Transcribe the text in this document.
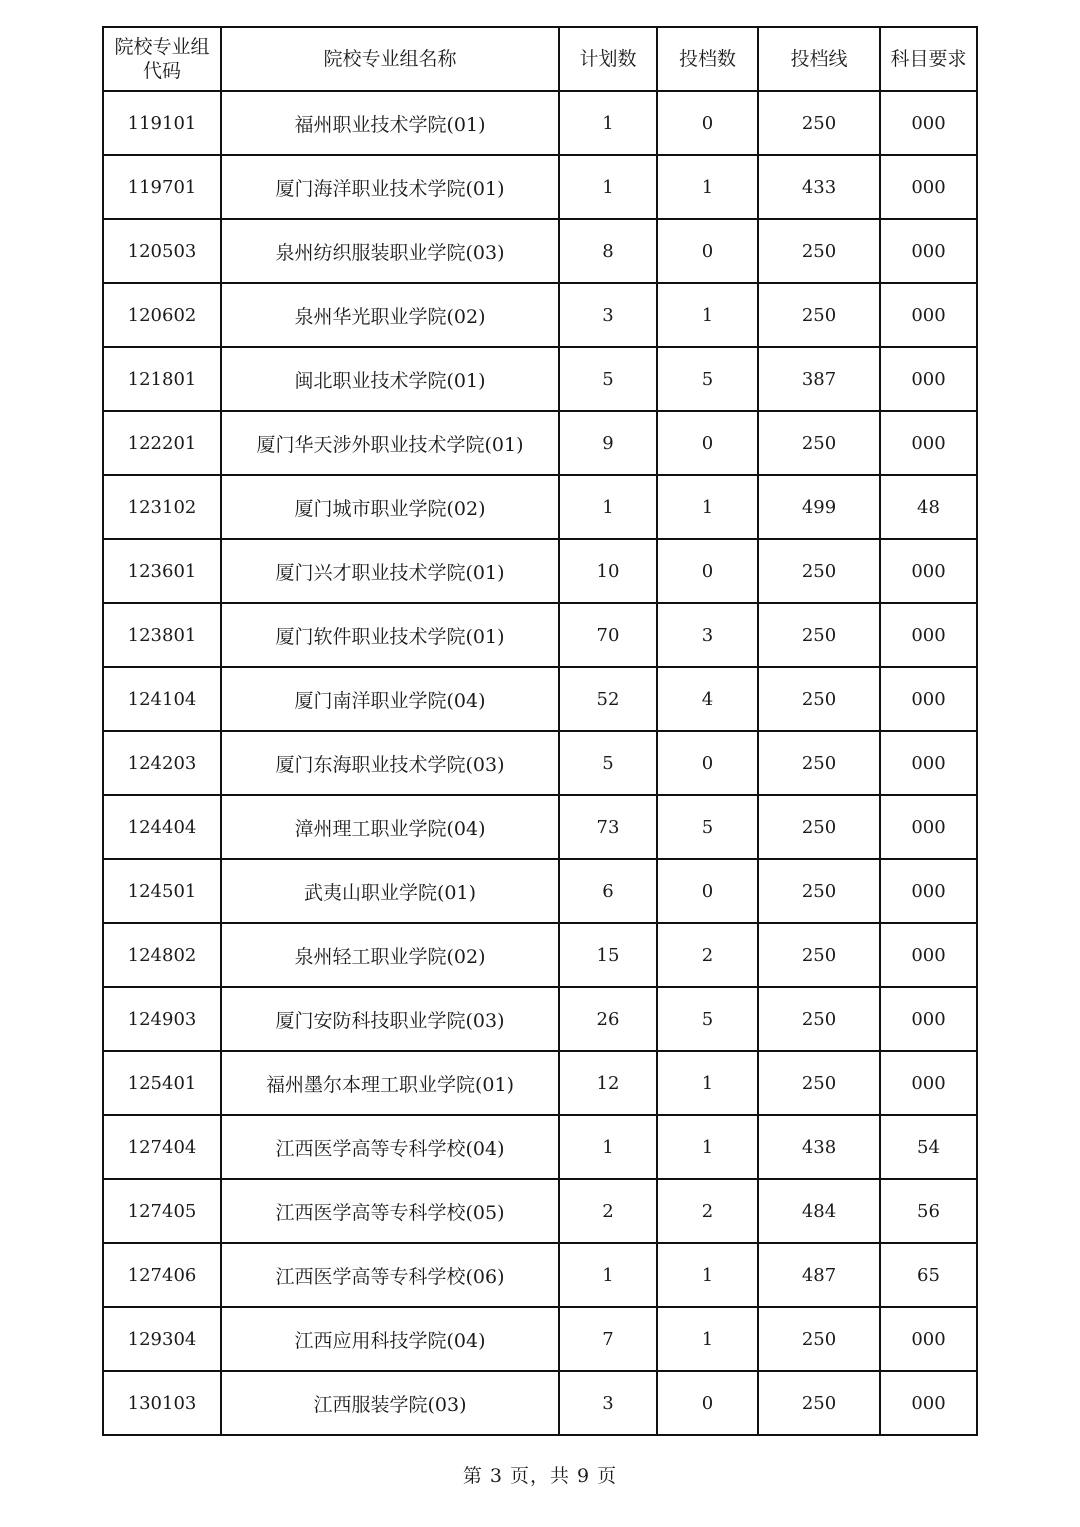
院校专业组
代码	院校专业组名称	计划数	投档数	投档线	科目要求
119101	福州职业技术学院(01)	1	0	250	000
119701	厦门海洋职业技术学院(01)	1	1	433	000
120503	泉州纺织服装职业学院(03)	8	0	250	000
120602	泉州华光职业学院(02)	3	1	250	000
121801	闽北职业技术学院(01)	5	5	387	000
122201	厦门华天涉外职业技术学院(01)	9	0	250	000
123102	厦门城市职业学院(02)	1	1	499	48
123601	厦门兴才职业技术学院(01)	10	0	250	000
123801	厦门软件职业技术学院(01)	70	3	250	000
124104	厦门南洋职业学院(04)	52	4	250	000
124203	厦门东海职业技术学院(03)	5	0	250	000
124404	漳州理工职业学院(04)	73	5	250	000
124501	武夷山职业学院(01)	6	0	250	000
124802	泉州轻工职业学院(02)	15	2	250	000
124903	厦门安防科技职业学院(03)	26	5	250	000
125401	福州墨尔本理工职业学院(01)	12	1	250	000
127404	江西医学高等专科学校(04)	1	1	438	54
127405	江西医学高等专科学校(05)	2	2	484	56
127406	江西医学高等专科学校(06)	1	1	487	65
129304	江西应用科技学院(04)	7	1	250	000
130103	江西服装学院(03)	3	0	250	000
第 3 页，共 9 页
